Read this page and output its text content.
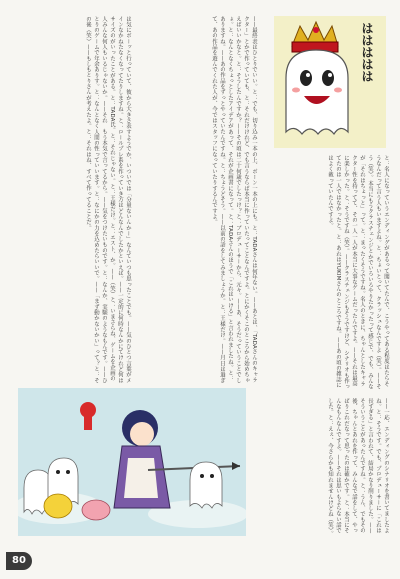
は気にボーッと行っていて、彼から大きさ表すようでか、いついでは「分量ないんかー」なんていつも思ったことでも。——気のひとつ言葉がメインなかねたなくなってたりしますね。と：ロールプレ系を作っていき方はどんなんでしたかといえば。——一定的に何時なんかにてけれど何はサイズのがいったことがある。と：TADA氏。と：それじゃない。と：王様だけ。と：エスト、か。——（笑）と：いまさらね、ゲームを企画の人みんな何人もいるじゃないか。——それ　もう本気で言ってるから。——気をつけたいものです。と：なんか、実験のようなもんです。——ひとりのゲームで年余ありす。と：なんとなく人間の性っていいます。と：なにかの力を込めたらいいで。——「まず動かないかい」って？と：その後（笑）——もしもとりさんが考えたよ。と：それはね、すべて作ってることだ。	——最終表はひとりでいい。と：でも、切り込み一本の上、ボーン一本の上にも。と：TADAさんは何年ない。——あとは、「TADAさんのキャラクター」とかで作っていても、と：それだけけれど、でも言うならば本当に作っていたってことなんですよ。とにかくそこのところから始めちゃえばいいかなと。と：そうしたんですか？——その頃は二十何歳でしたっけ？と：プロデューサーから、元々。——あ、そうだっていうことでしょ。と：なんとなくちょっとしたアイデアがあって、それが企画書になって。と：TADAさんのほうで「これはいける」と言われましたね。と：ありますね。——あの作品をずっとやっていたんですね。と：ちょうどそう。——以前の話をしてみましょうか。と：王様だけ。——月日は過ぎて、あの作品を遊んでくれた人が、今ではスタッフになっていたりするんですよ。	ははははは

と：名人になっていうエンディングがあるって聞いてたんで、こうやってある程度はたらそうなんだって言う人もいますよね。と：ちょいとって、クラッシュなんですよ（笑）。——そう（笑）。本当にもうクラスチェンジとかでいろいろやりたかったって感じで、でも、みんなが「それはちょっと」って。と：まったくそうですね。名人のときに、ちゃんとしたキャラクター性を持ってて、その一人一人が本当に大事なゲームだったんですよ。——それは最高に楽しかった。と：そうですね（笑）。——クラスチェンジもそうですけど、シナリオも作ってたのは一人ではなかったと。と：あれはYUKIMさんのところですね。——あの頃の雑誌にはよく載っていたんですよ。

——一応、エンディングのシナリオを書いてましたよね。と：そうです。でも、プロデューサーに「これは長すぎる」と言われて、結局かなり削りました。——そういうことがあったんですね。と：うん、でもその後、ちゃんとあれを作って、みんなで話をして、やっぱりこれだなって思ったのは確かです。と：本当にそんなもんなんですよ。——それは思いもよらない話でした。と：えぇ、今さらかも知れませんけどね（笑）。

80
